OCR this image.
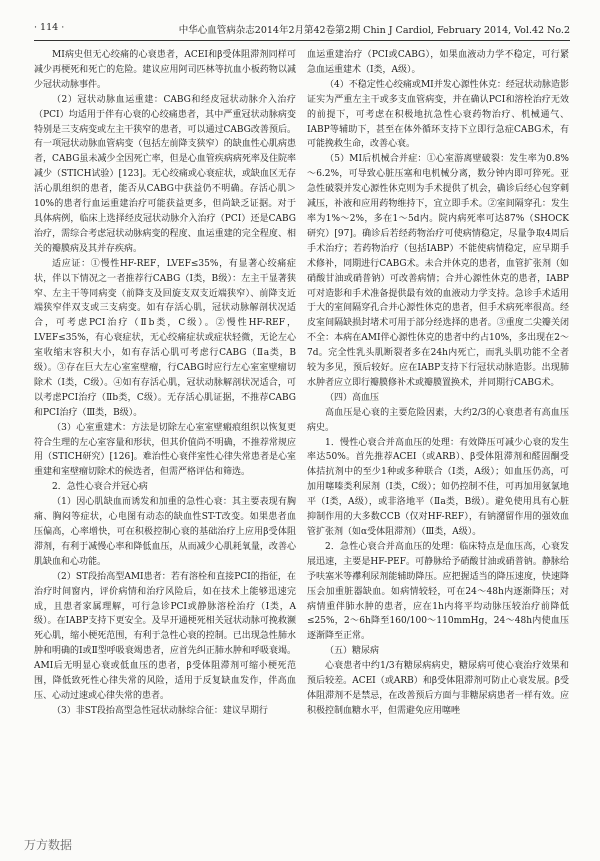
· 114 ·	中华心血管病杂志2014年2月第42卷第2期 Chin J Cardiol, February 2014, Vol.42 No.2

MI病史但无心绞痛的心衰患者，ACEI和β受体阻滞剂同样可减少再梗死和死亡的危险。建议应用阿司匹林等抗血小板药物以减少冠状动脉事件。

（2）冠状动脉血运重建：CABG和经皮冠状动脉介入治疗（PCI）均适用于伴有心衰的心绞痛患者，其中严重冠状动脉病变特别是三支病变或左主干狭窄的患者，可以通过CABG改善预后。有一项冠状动脉血管病变（包括左前降支狭窄）的缺血性心肌病患者，CABG虽未减少全因死亡率，但是心血管疾病病死率及住院率减少（STICH试验）[123]。无心绞痛或心衰症状，或缺血区无存活心肌组织的患者，能否从CABG中获益仍不明确。存活心肌＞10%的患者行血运重建治疗可能获益更多，但尚缺乏证据。对于具体病例，临床上选择经皮冠状动脉介入治疗（PCI）还是CABG治疗，需综合考虑冠状动脉病变的程度、血运重建的完全程度、相关的瓣膜病及其并存疾病。

适应证：①慢性HF-REF，LVEF≤35%，有显著心绞痛症状，伴以下情况之一者推荐行CABG（Ⅰ类，B级）：左主干显著狭窄、左主干等同病变（前降支及回旋支双支近端狭窄）、前降支近端狭窄伴双支或三支病变。如有存活心肌，冠状动脉解剖状况适合，可考虑PCI治疗（Ⅱb类，C级）。②慢性HF-REF，LVEF≤35%，有心衰症状，无心绞痛症状或症状轻微，无论左心室收缩末容积大小，如有存活心肌可考虑行CABG（Ⅱa类，B级）。③存在巨大左心室室壁瘤，行CABG时应行左心室室壁瘤切除术（Ⅰ类，C级）。④如有存活心肌，冠状动脉解剖状况适合，可以考虑PCI治疗（Ⅱb类，C级）。无存活心肌证据，不推荐CABG和PCI治疗（Ⅲ类，B级）。

（3）心室重建术：方法是切除左心室室壁瘢痕组织以恢复更符合生理的左心室容量和形状，但其价值尚不明确，不推荐常规应用（STICH研究）[126]。难治性心衰伴室性心律失常患者是心室重建和室壁瘤切除术的候选者，但需严格评估和筛选。

2．急性心衰合并冠心病

（1）因心肌缺血而诱发和加重的急性心衰：其主要表现有胸痛、胸闷等症状，心电图有动态的缺血性ST-T改变。如果患者血压偏高，心率增快，可在积极控制心衰的基础治疗上应用β受体阻滞剂，有利于减慢心率和降低血压，从而减少心肌耗氧量，改善心肌缺血和心功能。

（2）ST段抬高型AMI患者：若有溶栓和直接PCI的指征，在治疗时间窗内，评价病情和治疗风险后，如在技术上能够迅速完成，且患者家属理解，可行急诊PCI或静脉溶栓治疗（Ⅰ类，A级）。在IABP支持下更安全。及早开通梗死相关冠状动脉可挽救濒死心肌，缩小梗死范围，有利于急性心衰的控制。已出现急性肺水肿和明确的Ⅰ或Ⅱ型呼吸衰竭患者，应首先纠正肺水肿和呼吸衰竭。AMI后无明显心衰或低血压的患者，β受体阻滞剂可缩小梗死范围，降低致死性心律失常的风险，适用于反复缺血发作，伴高血压、心动过速或心律失常的患者。

（3）非ST段抬高型急性冠状动脉综合征：建议早期行

血运重建治疗（PCI或CABG），如果血液动力学不稳定，可行紧急血运重建术（Ⅰ类，A级）。

（4）不稳定性心绞痛或MI并发心源性休克：经冠状动脉造影证实为严重左主干或多支血管病变，并在确认PCI和溶栓治疗无效的前提下，可考虑在积极地抗急性心衰药物治疗、机械通气、IABP等辅助下，甚至在体外循环支持下立即行急症CABG术，有可能挽救生命，改善心衰。

（5）MI后机械合并症：①心室游离壁破裂：发生率为0.8%～6.2%，可导致心脏压塞和电机械分离，数分钟内即可猝死。亚急性破裂并发心源性休克则为手术提供了机会，确诊后经心包穿刺减压，补液和应用药物维持下，宜立即手术。②室间隔穿孔：发生率为1%～2%，多在1～5d内。院内病死率可达87%（SHOCK研究）[97]。确诊后若经药物治疗可使病情稳定，尽量争取4周后手术治疗；若药物治疗（包括IABP）不能使病情稳定，应早期手术修补，同期进行CABG术。未合并休克的患者，血管扩张剂（如硝酸甘油或硝普钠）可改善病情；合并心源性休克的患者，IABP可对造影和手术准备提供最有效的血液动力学支持。急诊手术适用于大的室间隔穿孔合并心源性休克的患者，但手术病死率很高。经皮室间隔缺损封堵术可用于部分经选择的患者。③重度二尖瓣关闭不全：本病在AMI伴心源性休克的患者中约占10%，多出现在2～7d。完全性乳头肌断裂者多在24h内死亡，而乳头肌功能不全者较为多见，预后较好。应在IABP支持下行冠状动脉造影。出现肺水肿者应立即行瓣膜修补术或瓣膜置换术，并同期行CABG术。

（四）高血压

高血压是心衰的主要危险因素，大约2/3的心衰患者有高血压病史。

1．慢性心衰合并高血压的处理：有效降压可减少心衰的发生率达50%。首先推荐ACEI（或ARB）、β受体阻滞剂和醛固酮受体拮抗剂中的至少1种或多种联合（Ⅰ类，A级）；如血压仍高，可加用噻嗪类利尿剂（Ⅰ类，C级）；如仍控制不佳，可再加用氨氯地平（Ⅰ类，A级），或非洛地平（Ⅱa类，B级）。避免使用具有心脏抑制作用的大多数CCB（仅对HF-REF），有钠潴留作用的强效血管扩张剂（如α受体阻滞剂）（Ⅲ类，A级）。

2．急性心衰合并高血压的处理：临床特点是血压高，心衰发展迅速，主要是HF-PEF。可静脉给予硝酸甘油或硝普钠。静脉给予呋塞米等襻利尿剂能辅助降压。应把握适当的降压速度，快速降压会加重脏器缺血。如病情较轻，可在24～48h内逐渐降压；对病情重伴肺水肿的患者，应在1h内将平均动脉压较治疗前降低≤25%，2～6h降至160/100～110mmHg，24～48h内使血压逐渐降至正常。

（五）糖尿病

心衰患者中约1/3有糖尿病病史，糖尿病可使心衰治疗效果和预后较差。ACEI（或ARB）和β受体阻滞剂可防止心衰发展。β受体阻滞剂不是禁忌，在改善预后方面与非糖尿病患者一样有效。应积极控制血糖水平，但需避免应用噻唑

万方数据
